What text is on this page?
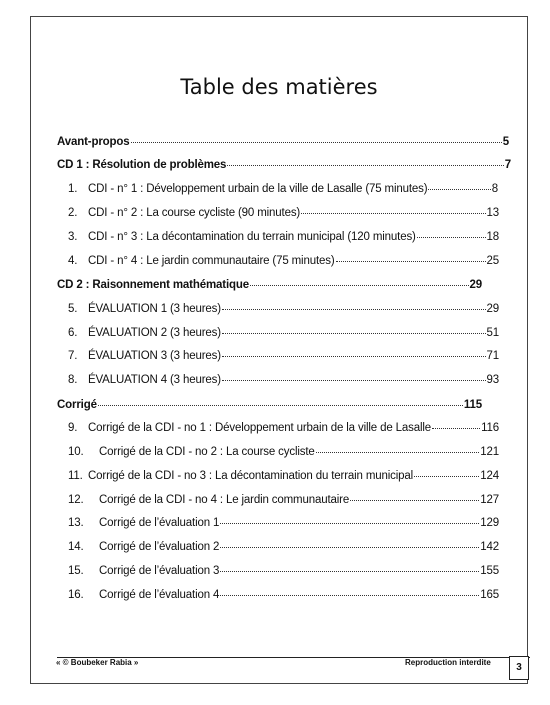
Table des matières
Avant-propos	5
CD 1 : Résolution de problèmes	7
1. CDI - n° 1 : Développement urbain de la ville de Lasalle (75 minutes)	8
2. CDI - n° 2 : La course cycliste (90 minutes)	13
3. CDI - n° 3 : La décontamination du terrain municipal (120 minutes)	18
4. CDI - n° 4 : Le jardin communautaire (75 minutes)	25
CD 2 : Raisonnement mathématique	29
5. ÉVALUATION 1 (3 heures)	29
6. ÉVALUATION 2 (3 heures)	51
7. ÉVALUATION 3 (3 heures)	71
8. ÉVALUATION 4 (3 heures)	93
Corrigé	115
9. Corrigé de la CDI - no 1 : Développement urbain de la ville de Lasalle	116
10.	Corrigé de la CDI - no 2 : La course cycliste	121
11. Corrigé de la CDI - no 3 : La décontamination du terrain municipal	124
12.	Corrigé de la CDI - no 4 : Le jardin communautaire	127
13.	Corrigé de l’évaluation 1	129
14.	Corrigé de l’évaluation 2	142
15.	Corrigé de l’évaluation 3	155
16.	Corrigé de l’évaluation 4	165
« © Boubeker Rabia »	Reproduction interdite	3
